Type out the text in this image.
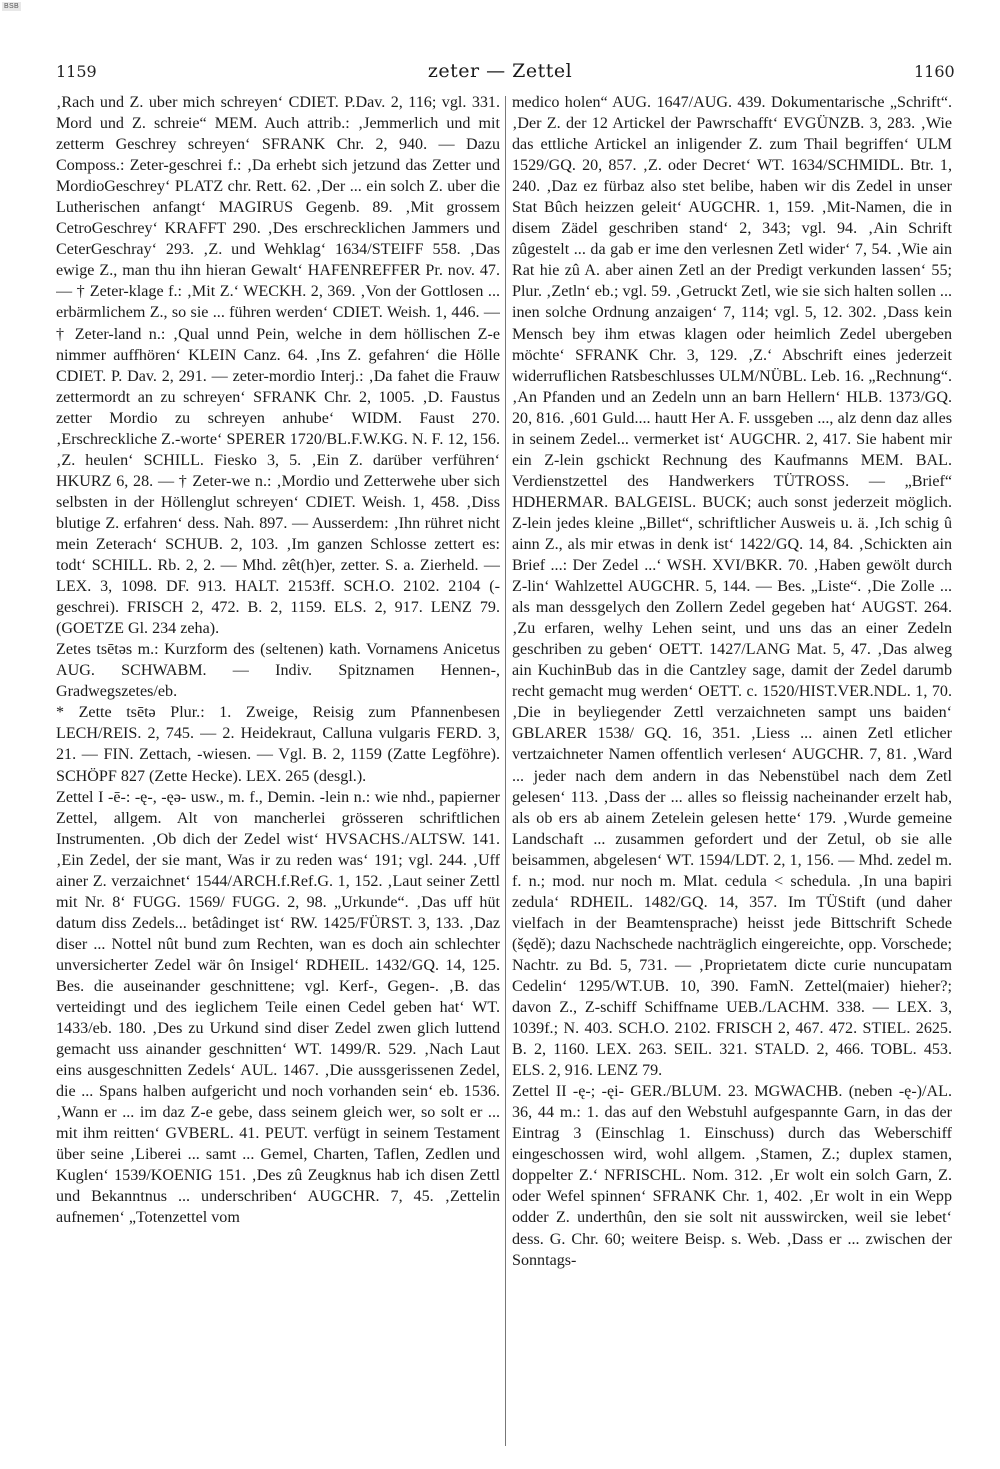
BSB
1159	zeter — Zettel	1160

‚Rach und Z. uber mich schreyen‘ CDIET. P.Dav. 2, 116; vgl. 331. Mord und Z. schreie“ MEM. Auch attrib.: ‚Jemmerlich und mit zetterm Geschrey schreyen‘ SFRANK Chr. 2, 940. — Dazu Composs.: Zeter-geschrei f.: ‚Da erhebt sich jetzund das Zetter und MordioGeschrey‘ PLATZ chr. Rett. 62. ‚Der ... ein solch Z. uber die Lutherischen anfangt‘ MAGIRUS Gegenb. 89. ‚Mit grossem CetroGeschrey‘ KRAFFT 290. ‚Des erschrecklichen Jammers und CeterGeschray‘ 293. ‚Z. und Wehklag‘ 1634/STEIFF 558. ‚Das ewige Z., man thu ihn hieran Gewalt‘ HAFENREFFER Pr. nov. 47. — † Zeter-klage f.: ‚Mit Z.‘ WECKH. 2, 369. ‚Von der Gottlosen ... erbärmlichem Z., so sie ... führen werden‘ CDIET. Weish. 1, 446. — † Zeter-land n.: ‚Qual unnd Pein, welche in dem höllischen Z-e nimmer auffhören‘ KLEIN Canz. 64. ‚Ins Z. gefahren‘ die Hölle CDIET. P. Dav. 2, 291. — zeter-mordio Interj.: ‚Da fahet die Frauw zettermordt an zu schreyen‘ SFRANK Chr. 2, 1005. ‚D. Faustus zetter Mordio zu schreyen anhube‘ WIDM. Faust 270. ‚Erschreckliche Z.-worte‘ SPERER 1720/BL.F.W.KG. N. F. 12, 156. ‚Z. heulen‘ SCHILL. Fiesko 3, 5. ‚Ein Z. darüber verführen‘ HKURZ 6, 28. — † Zeter-we n.: ‚Mordio und Zetterwehe uber sich selbsten in der Höllenglut schreyen‘ CDIET. Weish. 1, 458. ‚Diss blutige Z. erfahren‘ dess. Nah. 897. — Ausserdem: ‚Ihn rühret nicht mein Zeterach‘ SCHUB. 2, 103. ‚Im ganzen Schlosse zettert es: todt‘ SCHILL. Rb. 2, 2. — Mhd. zêt(h)er, zetter. S. a. Zierheld. — LEX. 3, 1098. DF. 913. HALT. 2153ff. SCH.O. 2102. 2104 (-geschrei). FRISCH 2, 472. B. 2, 1159. ELS. 2, 917. LENZ 79. (GOETZE Gl. 234 zeha).

Zetes tsētəs m.: Kurzform des (seltenen) kath. Vornamens Anicetus AUG. SCHWABM. — Indiv. Spitznamen Hennen-, Gradwegszetes/eb.

* Zette tsētə Plur.: 1. Zweige, Reisig zum Pfannenbesen LECH/REIS. 2, 745. — 2. Heidekraut, Calluna vulgaris FERD. 3, 21. — FIN. Zettach, -wiesen. — Vgl. B. 2, 1159 (Zatte Legföhre). SCHÖPF 827 (Zette Hecke). LEX. 265 (desgl.).

Zettel I -ē-: -ę-, -ęə- usw., m. f., Demin. -lein n.: wie nhd., papierner Zettel, allgem. Alt von mancherlei grösseren schriftlichen Instrumenten. ‚Ob dich der Zedel wist‘ HVSACHS./ALTSW. 141. ‚Ein Zedel, der sie mant, Was ir zu reden was‘ 191; vgl. 244. ‚Uff ainer Z. verzaichnet‘ 1544/ARCH.f.Ref.G. 1, 152. ‚Laut seiner Zettl mit Nr. 8‘ FUGG. 1569/ FUGG. 2, 98. „Urkunde“. ‚Das uff hüt datum diss Zedels... betâdinget ist‘ RW. 1425/FÜRST. 3, 133. ‚Daz diser ... Nottel nût bund zum Rechten, wan es doch ain schlechter unversicherter Zedel wär ôn Insigel‘ RDHEIL. 1432/GQ. 14, 125. Bes. die auseinander geschnittene; vgl. Kerf-, Gegen-. ‚B. das verteidingt und des ieglichem Teile einen Cedel geben hat‘ WT. 1433/eb. 180. ‚Des zu Urkund sind diser Zedel zwen glich luttend gemacht uss ainander geschnitten‘ WT. 1499/R. 529. ‚Nach Laut eins ausgeschnitten Zedels‘ AUL. 1467. ‚Die aussgerissenen Zedel, die ... Spans halben aufgericht und noch vorhanden sein‘ eb. 1536. ‚Wann er ... im daz Z-e gebe, dass seinem gleich wer, so solt er ... mit ihm reitten‘ GVBERL. 41. PEUT. verfügt in seinem Testament über seine ‚Liberei ... samt ... Gemel, Charten, Taflen, Zedlen und Kuglen‘ 1539/KOENIG 151. ‚Des zû Zeugknus hab ich disen Zettl und Bekanntnus ... underschriben‘ AUGCHR. 7, 45. ‚Zettelin aufnemen‘ „Totenzettel vom

medico holen“ AUG. 1647/AUG. 439. Dokumentarische „Schrift“. ‚Der Z. der 12 Artickel der Pawrschafft‘ EVGÜNZB. 3, 283. ‚Wie das ettliche Artickel an inligender Z. zum Thail begriffen‘ ULM 1529/GQ. 20, 857. ‚Z. oder Decret‘ WT. 1634/SCHMIDL. Btr. 1, 240. ‚Daz ez fürbaz also stet belibe, haben wir dis Zedel in unser Stat Bûch heizzen geleit‘ AUGCHR. 1, 159. ‚Mit-Namen, die in disem Zädel geschriben stand‘ 2, 343; vgl. 94. ‚Ain Schrift zûgestelt ... da gab er ime den verlesnen Zetl wider‘ 7, 54. ‚Wie ain Rat hie zû A. aber ainen Zetl an der Predigt verkunden lassen‘ 55; Plur. ‚Zetln‘ eb.; vgl. 59. ‚Getruckt Zetl, wie sie sich halten sollen ... inen solche Ordnung anzaigen‘ 7, 114; vgl. 5, 12. 302. ‚Dass kein Mensch bey ihm etwas klagen oder heimlich Zedel ubergeben möchte‘ SFRANK Chr. 3, 129. ‚Z.‘ Abschrift eines jederzeit widerruflichen Ratsbeschlusses ULM/NÜBL. Leb. 16. „Rechnung“. ‚An Pfanden und an Zedeln unn an barn Hellern‘ HLB. 1373/GQ. 20, 816. ‚601 Guld.... hautt Her A. F. ussgeben ..., alz denn daz alles in seinem Zedel... vermerket ist‘ AUGCHR. 2, 417. Sie habent mir ein Z-lein gschickt Rechnung des Kaufmanns MEM. BAL. Verdienstzettel des Handwerkers TÜTROSS. — „Brief“ HDHERMAR. BALGEISL. BUCK; auch sonst jederzeit möglich. Z-lein jedes kleine „Billet“, schriftlicher Ausweis u. ä. ‚Ich schig û ainn Z., als mir etwas in denk ist‘ 1422/GQ. 14, 84. ‚Schickten ain Brief ...: Der Zedel ...‘ WSH. XVI/BKR. 70. ‚Haben gewölt durch Z-lin‘ Wahlzettel AUGCHR. 5, 144. — Bes. „Liste“. ‚Die Zolle ... als man dessgelych den Zollern Zedel gegeben hat‘ AUGST. 264. ‚Zu erfaren, welhy Lehen seint, und uns das an einer Zedeln geschriben zu geben‘ OETT. 1427/LANG Mat. 5, 47. ‚Das alweg ain KuchinBub das in die Cantzley sage, damit der Zedel darumb recht gemacht mug werden‘ OETT. c. 1520/HIST.VER.NDL. 1, 70. ‚Die in beyliegender Zettl verzaichneten sampt uns baiden‘ GBLARER 1538/ GQ. 16, 351. ‚Liess ... ainen Zetl etlicher vertzaichneter Namen offentlich verlesen‘ AUGCHR. 7, 81. ‚Ward ... jeder nach dem andern in das Nebenstübel nach dem Zetl gelesen‘ 113. ‚Dass der ... alles so fleissig nacheinander erzelt hab, als ob ers ab ainem Zetelein gelesen hette‘ 179. ‚Wurde gemeine Landschaft ... zusammen gefordert und der Zetul, ob sie alle beisammen, abgelesen‘ WT. 1594/LDT. 2, 1, 156. — Mhd. zedel m. f. n.; mod. nur noch m. Mlat. cedula < schedula. ‚In una bapiri zedula‘ RDHEIL. 1482/GQ. 14, 357. Im TÜStift (und daher vielfach in der Beamtensprache) heisst jede Bittschrift Schede (šędĕ); dazu Nachschede nachträglich eingereichte, opp. Vorschede; Nachtr. zu Bd. 5, 731. — ‚Proprietatem dicte curie nuncupatam Cedelin‘ 1295/WT.UB. 10, 390. FamN. Zettel(maier) hieher?; davon Z., Z-schiff Schiffname UEB./LACHM. 338. — LEX. 3, 1039f.; N. 403. SCH.O. 2102. FRISCH 2, 467. 472. STIEL. 2625. B. 2, 1160. LEX. 263. SEIL. 321. STALD. 2, 466. TOBL. 453. ELS. 2, 916. LENZ 79.

Zettel II -ę-; -ęi- GER./BLUM. 23. MGWACHB. (neben -ę-)/AL. 36, 44 m.: 1. das auf den Webstuhl aufgespannte Garn, in das der Eintrag 3 (Einschlag 1. Einschuss) durch das Weberschiff eingeschossen wird, wohl allgem. ‚Stamen, Z.; duplex stamen, doppelter Z.‘ NFRISCHL. Nom. 312. ‚Er wolt ein solch Garn, Z. oder Wefel spinnen‘ SFRANK Chr. 1, 402. ‚Er wolt in ein Wepp odder Z. underthûn, den sie solt nit ausswircken, weil sie lebet‘ dess. G. Chr. 60; weitere Beisp. s. Web. ‚Dass er ... zwischen der Sonntags-
